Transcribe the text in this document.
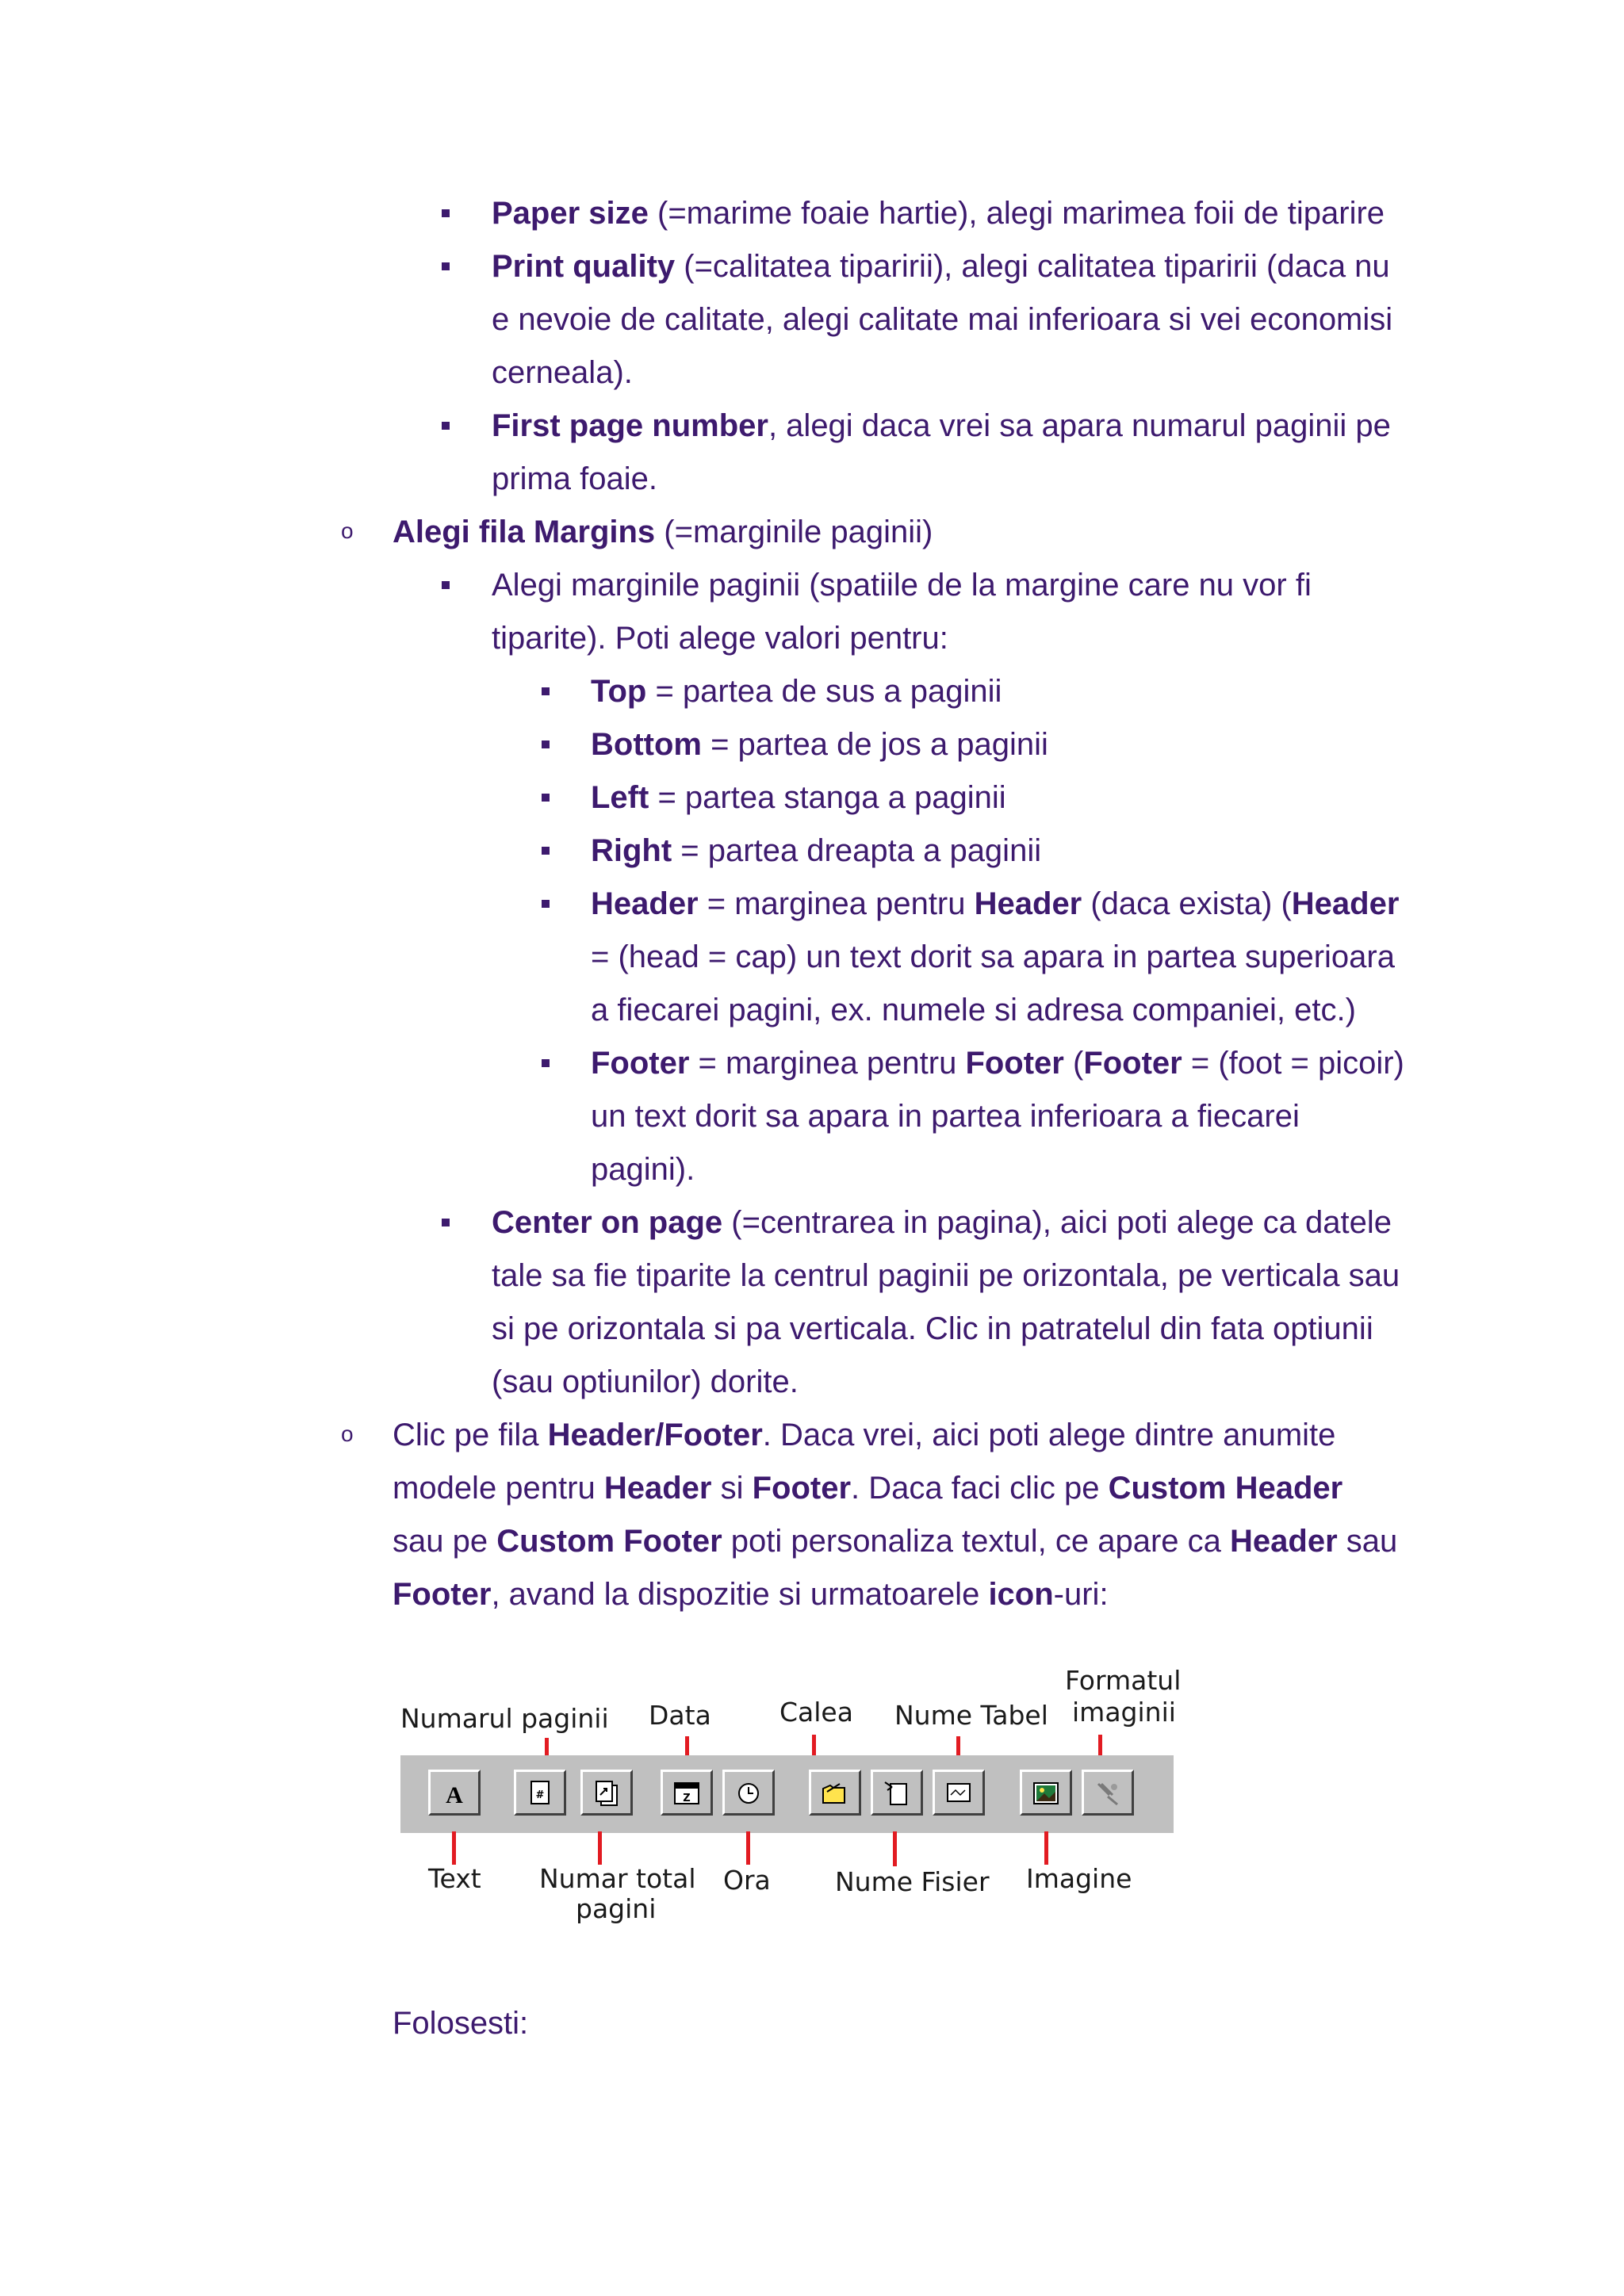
Paper size (=marime foaie hartie), alegi marimea foii de tiparire
Print quality (=calitatea tiparirii), alegi calitatea tiparirii (daca nu
e nevoie de calitate, alegi calitate mai inferioara si vei economisi
cerneala).
First page number, alegi daca vrei sa apara numarul paginii pe
prima foaie.
o Alegi fila Margins (=marginile paginii)
Alegi marginile paginii (spatiile de la margine care nu vor fi
tiparite). Poti alege valori pentru:
Top = partea de sus a paginii
Bottom = partea de jos a paginii
Left = partea stanga a paginii
Right = partea dreapta a paginii
Header = marginea pentru Header (daca exista) (Header
= (head = cap) un text dorit sa apara in partea superioara
a fiecarei pagini, ex. numele si adresa companiei, etc.)
Footer = marginea pentru Footer (Footer = (foot = picoir)
un text dorit sa apara in partea inferioara a fiecarei
pagini).
Center on page (=centrarea in pagina), aici poti alege ca datele
tale sa fie tiparite la centrul paginii pe orizontala, pe verticala sau
si pe orizontala si pa verticala. Clic in patratelul din fata optiunii
(sau optiunilor) dorite.
o Clic pe fila Header/Footer. Daca vrei, aici poti alege dintre anumite
modele pentru Header si Footer. Daca faci clic pe Custom Header
sau pe Custom Footer poti personaliza textul, ce apare ca Header sau
Footer, avand la dispozitie si urmatoarele icon-uri:
Numarul paginii Data	Calea Nume Tabel
Formatul
imaginii
A	#	Z
Text Numar total
pagini
Ora Nume Fisier Imagine
Folosesti:
